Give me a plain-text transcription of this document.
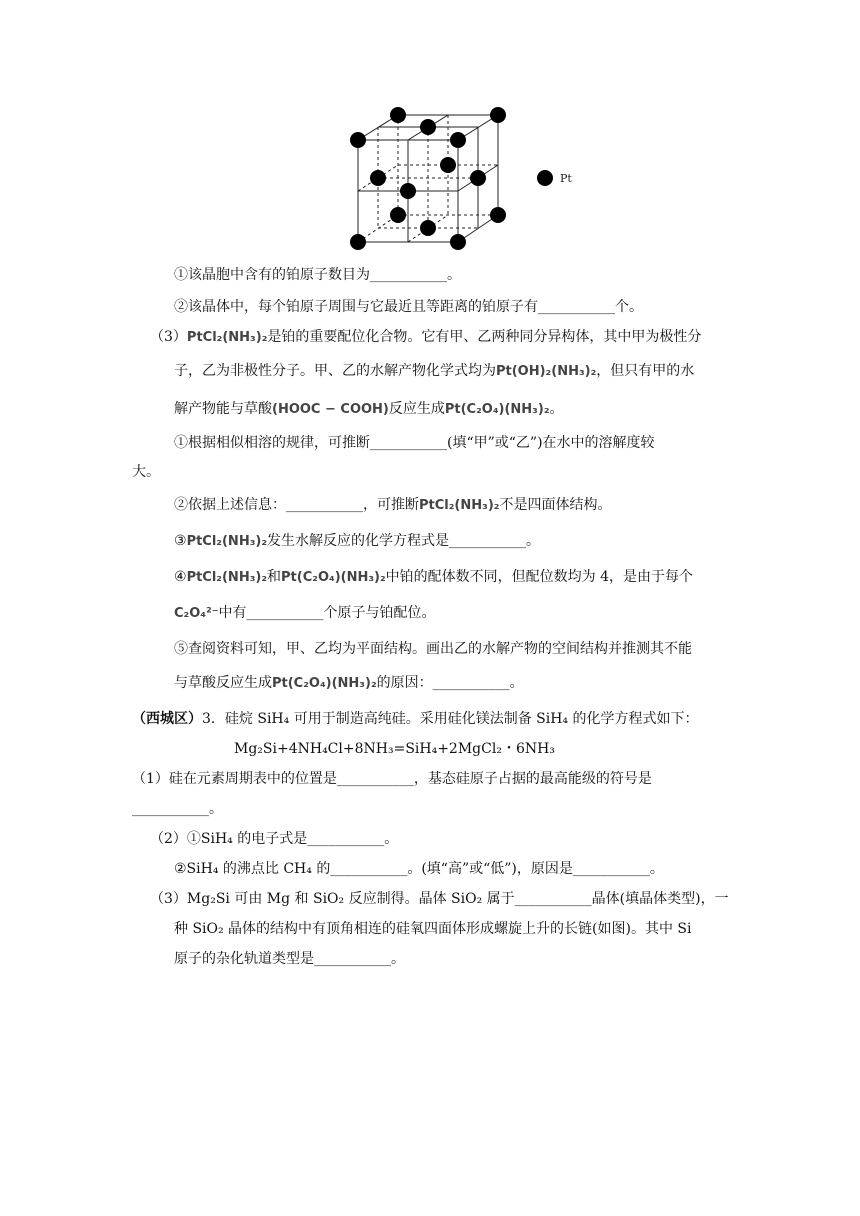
Pt
①该晶胞中含有的铂原子数目为___________。
②该晶体中，每个铂原子周围与它最近且等距离的铂原子有___________个。
（3）PtCl₂(NH₃)₂是铂的重要配位化合物。它有甲、乙两种同分异构体，其中甲为极性分
子，乙为非极性分子。甲、乙的水解产物化学式均为Pt(OH)₂(NH₃)₂，但只有甲的水
解产物能与草酸(HOOC − COOH)反应生成Pt(C₂O₄)(NH₃)₂。
①根据相似相溶的规律，可推断___________(填“甲”或“乙”)在水中的溶解度较
大。
②依据上述信息：___________，可推断PtCl₂(NH₃)₂不是四面体结构。
③PtCl₂(NH₃)₂发生水解反应的化学方程式是___________。
④PtCl₂(NH₃)₂和Pt(C₂O₄)(NH₃)₂中铂的配体数不同，但配位数均为 4，是由于每个
C₂O₄²⁻中有___________个原子与铂配位。
⑤查阅资料可知，甲、乙均为平面结构。画出乙的水解产物的空间结构并推测其不能
与草酸反应生成Pt(C₂O₄)(NH₃)₂的原因：___________。
（西城区）3．硅烷 SiH₄ 可用于制造高纯硅。采用硅化镁法制备 SiH₄ 的化学方程式如下：
Mg₂Si+4NH₄Cl+8NH₃=SiH₄+2MgCl₂・6NH₃
（1）硅在元素周期表中的位置是___________，基态硅原子占据的最高能级的符号是
___________。
（2）①SiH₄ 的电子式是___________。
②SiH₄ 的沸点比 CH₄ 的___________。(填“高”或“低”)，原因是___________。
（3）Mg₂Si 可由 Mg 和 SiO₂ 反应制得。晶体 SiO₂ 属于___________晶体(填晶体类型)，一
种 SiO₂ 晶体的结构中有顶角相连的硅氧四面体形成螺旋上升的长链(如图)。其中 Si
原子的杂化轨道类型是___________。
